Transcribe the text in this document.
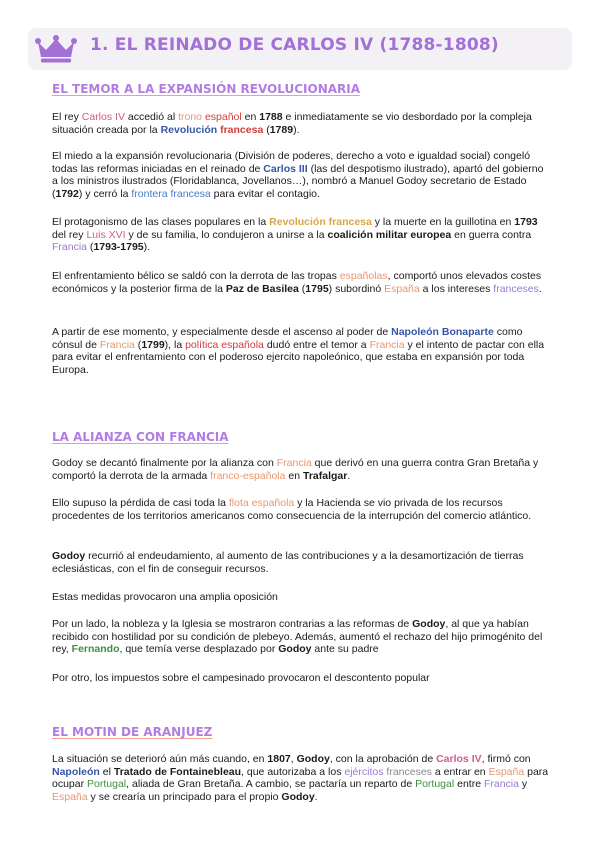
1. EL REINADO DE CARLOS IV (1788-1808)
EL TEMOR A LA EXPANSIÓN REVOLUCIONARIA

El rey Carlos IV accedió al trono español en 1788 e inmediatamente se vio desbordado por la compleja situación creada por la Revolución francesa (1789).

El miedo a la expansión revolucionaria (División de poderes, derecho a voto e igualdad social) congeló todas las reformas iniciadas en el reinado de Carlos III (las del despotismo ilustrado), apartó del gobierno a los ministros ilustrados (Floridablanca, Jovellanos…), nombró a Manuel Godoy secretario de Estado (1792) y cerró la frontera francesa para evitar el contagio.

El protagonismo de las clases populares en la Revolución francesa y la muerte en la guillotina en 1793 del rey Luis XVI y de su familia, lo condujeron a unirse a la coalición militar europea en guerra contra Francia (1793-1795).

El enfrentamiento bélico se saldó con la derrota de las tropas españolas, comportó unos elevados costes económicos y la posterior firma de la Paz de Basilea (1795) subordinó España a los intereses franceses.

A partir de ese momento, y especialmente desde el ascenso al poder de Napoleón Bonaparte como cónsul de Francia (1799), la política española dudó entre el temor a Francia y el intento de pactar con ella para evitar el enfrentamiento con el poderoso ejercito napoleónico, que estaba en expansión por toda Europa.

LA ALIANZA CON FRANCIA

Godoy se decantó finalmente por la alianza con Francia que derivó en una guerra contra Gran Bretaña y comportó la derrota de la armada franco-española en Trafalgar.

Ello supuso la pérdida de casi toda la flota española y la Hacienda se vio privada de los recursos procedentes de los territorios americanos como consecuencia de la interrupción del comercio atlántico.

Godoy recurrió al endeudamiento, al aumento de las contribuciones y a la desamortización de tierras eclesiásticas, con el fin de conseguir recursos.

Estas medidas provocaron una amplia oposición

Por un lado, la nobleza y la Iglesia se mostraron contrarias a las reformas de Godoy, al que ya habían recibido con hostilidad por su condición de plebeyo. Además, aumentó el rechazo del hijo primogénito del rey, Fernando, que temía verse desplazado por Godoy ante su padre

Por otro, los impuestos sobre el campesinado provocaron el descontento popular

EL MOTIN DE ARANJUEZ

La situación se deterioró aún más cuando, en 1807, Godoy, con la aprobación de Carlos IV, firmó con Napoleón el Tratado de Fontainebleau, que autorizaba a los ejércitos franceses a entrar en España para ocupar Portugal, aliada de Gran Bretaña. A cambio, se pactaría un reparto de Portugal entre Francia y España y se crearía un principado para el propio Godoy.
